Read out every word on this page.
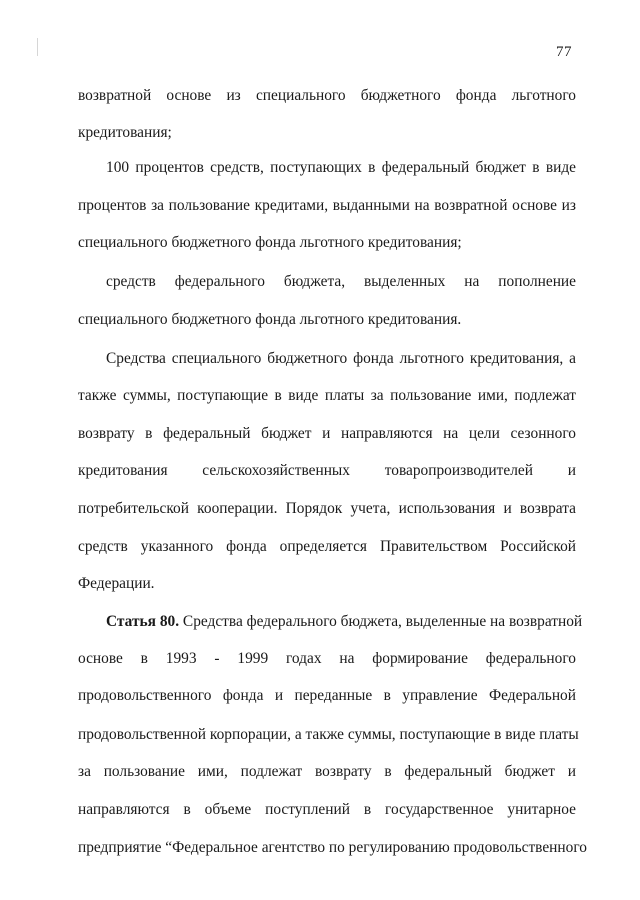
77
возвратной основе из специального бюджетного фонда льготного
кредитования;
100 процентов средств, поступающих в федеральный бюджет в виде
процентов за пользование кредитами, выданными на возвратной основе из
специального бюджетного фонда льготного кредитования;
средств федерального бюджета, выделенных на пополнение
специального бюджетного фонда льготного кредитования.
Средства специального бюджетного фонда льготного кредитования, а
также суммы, поступающие в виде платы за пользование ими, подлежат
возврату в федеральный бюджет и направляются на цели сезонного
кредитования сельскохозяйственных товаропроизводителей и
потребительской кооперации. Порядок учета, использования и возврата
средств указанного фонда определяется Правительством Российской
Федерации.
Статья 80. Средства федерального бюджета, выделенные на возвратной
основе в 1993 - 1999 годах на формирование федерального
продовольственного фонда и переданные в управление Федеральной
продовольственной корпорации, а также суммы, поступающие в виде платы
за пользование ими, подлежат возврату в федеральный бюджет и
направляются в объеме поступлений в государственное унитарное
предприятие “Федеральное агентство по регулированию продовольственного
